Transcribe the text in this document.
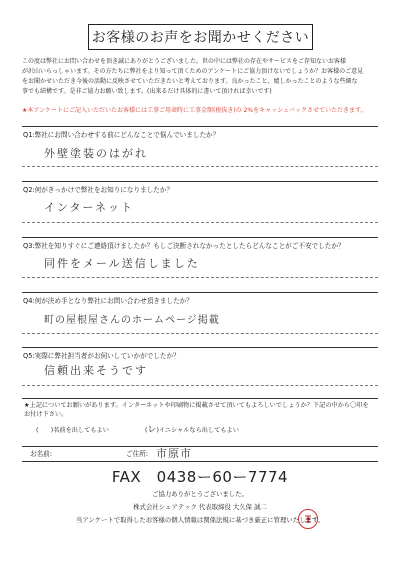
お客様のお声をお聞かせください

この度は弊社にお問い合わせを頂き誠にありがとうございました。世の中には弊社の存在やサービスをご存知ないお客様

が沢山いらっしゃいます。その方たちに弊社をより知って頂くためのアンケートにご協力頂けないでしょうか？お客様のご意見

をお聞かせいただき今後の活動に反映させていただきたいと考えております。良かったこと、嬉しかったことのような些細な

事でも結構です。是非ご協力お願い致します。(出来るだけ具体的に書いて頂ければ幸いです)

★本アンケートにご記入いただいたお客様には工事ご用命時に工事金額(税抜き)の 2%をキャッシュバックさせていただきます。
Q1:弊社にお問い合わせする前にどんなことで悩んでいましたか？
外壁塗装のはがれ
Q2:何がきっかけで弊社をお知りになりましたか？
インターネット
Q3:弊社を知りすぐにご連絡頂けましたか？もしご決断されなかったとしたらどんなことがご不安でしたか？
同件をメール送信しました
Q4:何が決め手となり弊社にお問い合わせ頂きましたか？
町の屋根屋さんのホームページ掲載
Q5:実際に弊社担当者がお伺いしていかがでしたか？
信頼出来そうです
★上記についてお願いがあります。インターネットや印刷物に掲載させて頂いてもよろしいでしょうか？下記の中から〇印を
お付け下さい。
(　　)名前を出してもよい	(レ)イニシャルなら出してもよい
お名前:	ご住所: 市原市
FAX　0438ー60ー7774
ご協力ありがとうございました。
株式会社シェアテック 代表取締役 大久保 誠二
当アンケートで取得したお客様の個人情報は関係法規に基づき厳正に管理いたします。
